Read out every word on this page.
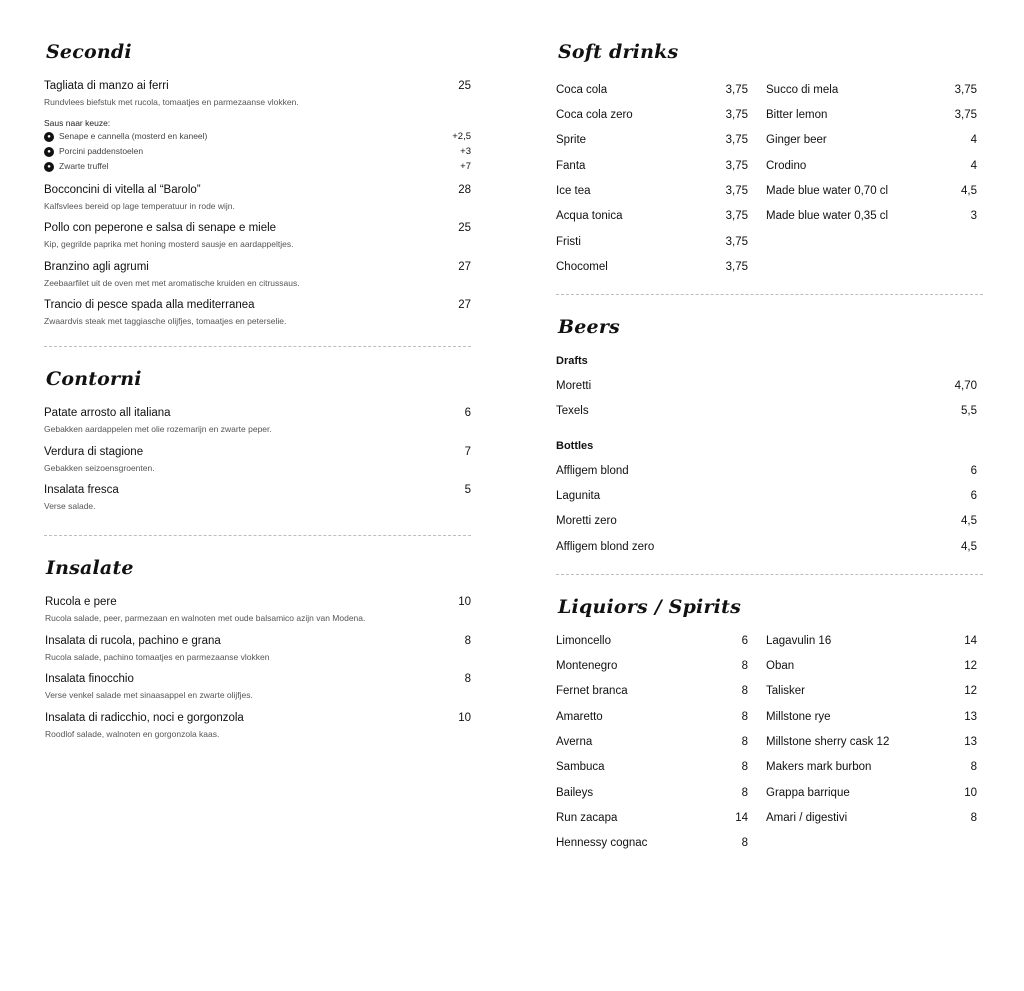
Secondi
Tagliata di manzo ai ferri	25
Rundvlees biefstuk met rucola, tomaatjes en parmezaanse vlokken.
Saus naar keuze:
● Senape e cannella (mosterd en kaneel)	+2,5
● Porcini paddenstoelen	+3
● Zwarte truffel	+7
Bocconcini di vitella al “Barolo”	28
Kalfsvlees bereid op lage temperatuur in rode wijn.
Pollo con peperone e salsa di senape e miele	25
Kip, gegrilde paprika met honing mosterd sausje en aardappeltjes.
Branzino agli agrumi	27
Zeebaarfilet uit de oven met met aromatische kruiden en citrussaus.
Trancio di pesce spada alla mediterranea	27
Zwaardvis steak met taggiasche olijfjes, tomaatjes en peterselie.
Contorni
Patate arrosto all italiana	6
Gebakken aardappelen met olie rozemarijn en zwarte peper.
Verdura di stagione	7
Gebakken seizoensgroenten.
Insalata fresca	5
Verse salade.
Insalate
Rucola e pere	10
Rucola salade, peer, parmezaan en walnoten met oude balsamico azijn van Modena.
Insalata di rucola, pachino e grana	8
Rucola salade, pachino tomaatjes en parmezaanse vlokken
Insalata finocchio	8
Verse venkel salade met sinaasappel en zwarte olijfjes.
Insalata di radicchio, noci e gorgonzola	10
Roodlof salade, walnoten en gorgonzola kaas.
Soft drinks
Coca cola	3,75
Coca cola zero	3,75
Sprite	3,75
Fanta	3,75
Ice tea	3,75
Acqua tonica	3,75
Fristi	3,75
Chocomel	3,75
Succo di mela	3,75
Bitter lemon	3,75
Ginger beer	4
Crodino	4
Made blue water 0,70 cl	4,5
Made blue water 0,35 cl	3
Beers
Drafts
Moretti	4,70
Texels	5,5
Bottles
Affligem blond	6
Lagunita	6
Moretti zero	4,5
Affligem blond zero	4,5
Liquiors / Spirits
Limoncello	6
Montenegro	8
Fernet branca	8
Amaretto	8
Averna	8
Sambuca	8
Baileys	8
Run zacapa	14
Hennessy cognac	8
Lagavulin 16	14
Oban	12
Talisker	12
Millstone rye	13
Millstone sherry cask 12	13
Makers mark burbon	8
Grappa barrique	10
Amari / digestivi	8
